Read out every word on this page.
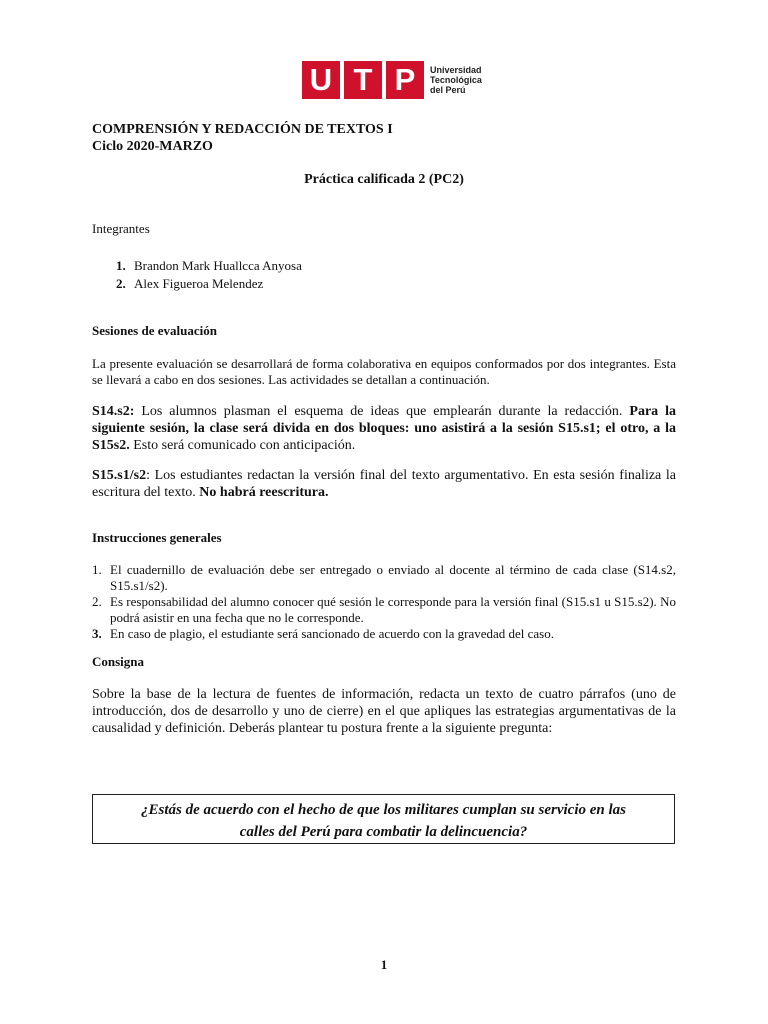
U T P	Universidad
Tecnológica
del Perú
COMPRENSIÓN Y REDACCIÓN DE TEXTOS I
Ciclo 2020-MARZO
Práctica calificada 2 (PC2)
Integrantes
1. Brandon Mark Huallcca Anyosa
2. Alex Figueroa Melendez
Sesiones de evaluación
La presente evaluación se desarrollará de forma colaborativa en equipos conformados por dos integrantes. Esta se llevará a cabo en dos sesiones. Las actividades se detallan a continuación.
S14.s2: Los alumnos plasman el esquema de ideas que emplearán durante la redacción. Para la siguiente sesión, la clase será divida en dos bloques: uno asistirá a la sesión S15.s1; el otro, a la S15s2. Esto será comunicado con anticipación.
S15.s1/s2: Los estudiantes redactan la versión final del texto argumentativo. En esta sesión finaliza la escritura del texto. No habrá reescritura.
Instrucciones generales
1. El cuadernillo de evaluación debe ser entregado o enviado al docente al término de cada clase (S14.s2, S15.s1/s2).
2. Es responsabilidad del alumno conocer qué sesión le corresponde para la versión final (S15.s1 u S15.s2). No podrá asistir en una fecha que no le corresponde.
3. En caso de plagio, el estudiante será sancionado de acuerdo con la gravedad del caso.
Consigna
Sobre la base de la lectura de fuentes de información, redacta un texto de cuatro párrafos (uno de introducción, dos de desarrollo y uno de cierre) en el que apliques las estrategias argumentativas de la causalidad y definición. Deberás plantear tu postura frente a la siguiente pregunta:
¿Estás de acuerdo con el hecho de que los militares cumplan su servicio en las
calles del Perú para combatir la delincuencia?
1
